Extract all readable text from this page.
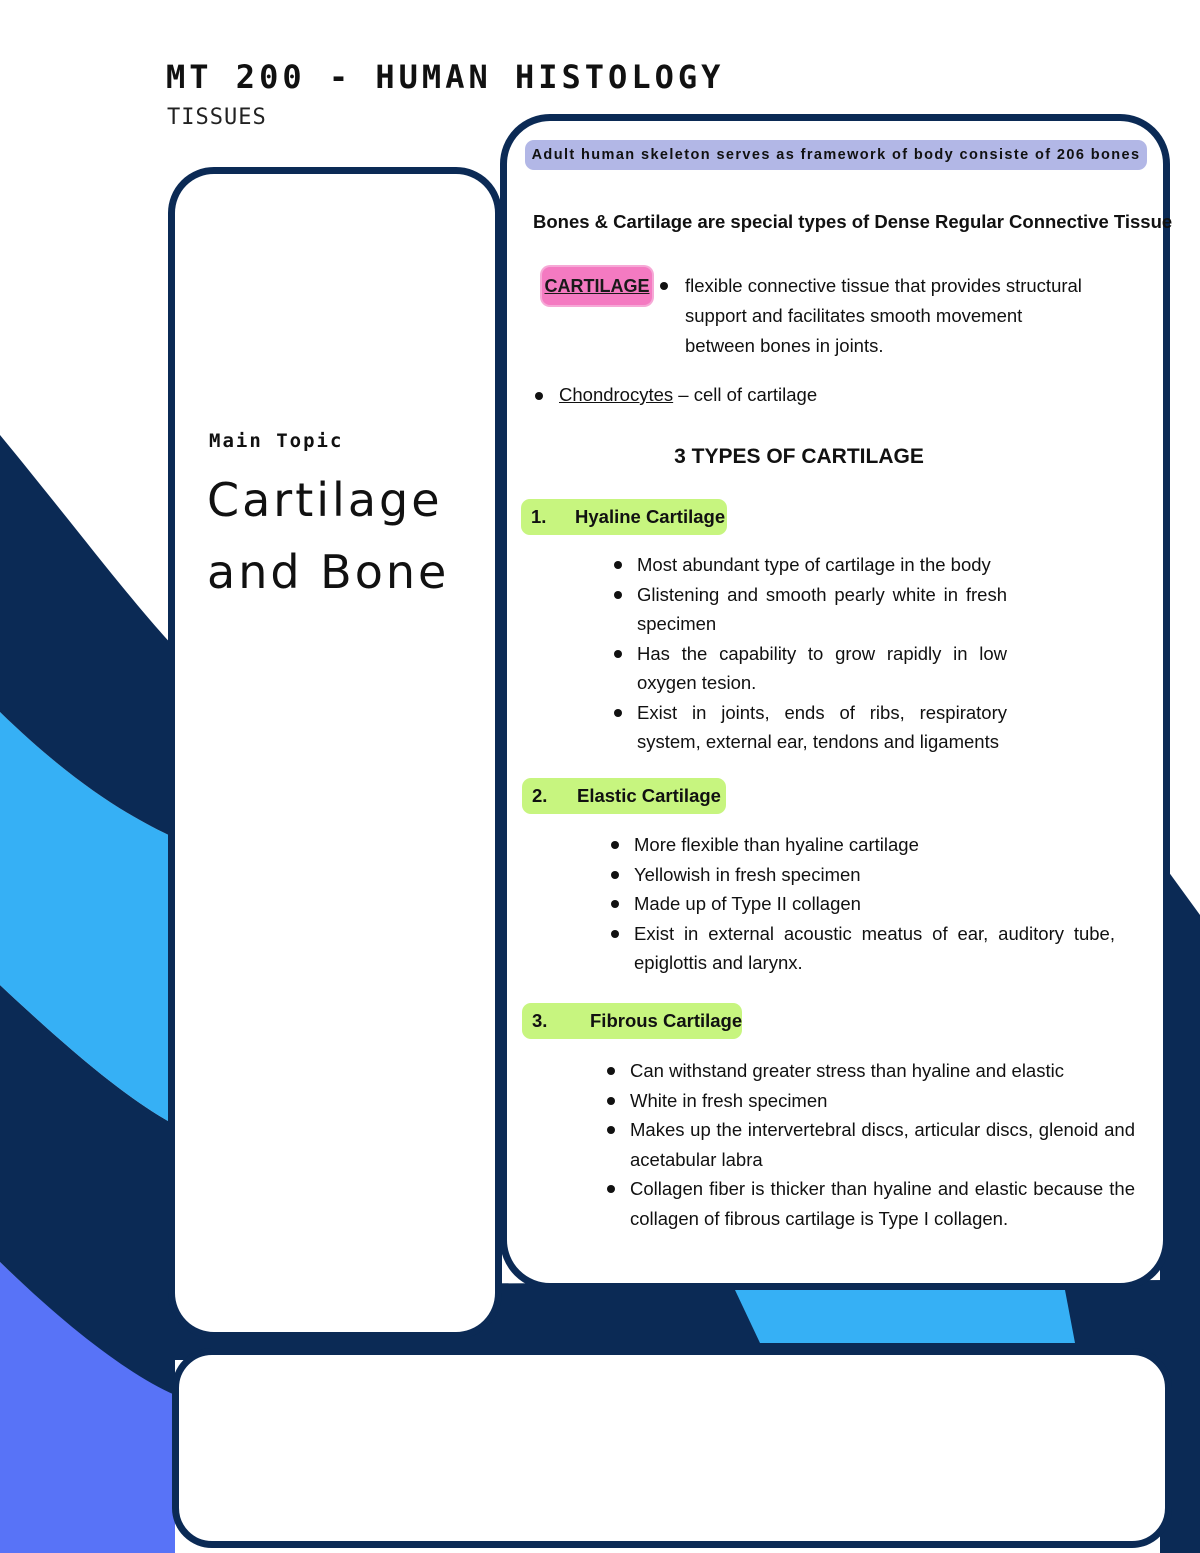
MT 200 - HUMAN HISTOLOGY
TISSUES
Main Topic
Cartilage
and Bone
Adult human skeleton serves as framework of body consiste of 206 bones
Bones & Cartilage are special types of Dense Regular Connective Tissue
CARTILAGE flexible connective tissue that provides structural support and facilitates smooth movement between bones in joints.
Chondrocytes – cell of cartilage
3 TYPES OF CARTILAGE
1. Hyaline Cartilage
Most abundant type of cartilage in the body
Glistening and smooth pearly white in fresh specimen
Has the capability to grow rapidly in low oxygen tesion.
Exist in joints, ends of ribs, respiratory system, external ear, tendons and ligaments
2. Elastic Cartilage
More flexible than hyaline cartilage
Yellowish in fresh specimen
Made up of Type II collagen
Exist in external acoustic meatus of ear, auditory tube, epiglottis and larynx.
3. Fibrous Cartilage
Can withstand greater stress than hyaline and elastic
White in fresh specimen
Makes up the intervertebral discs, articular discs, glenoid and acetabular labra
Collagen fiber is thicker than hyaline and elastic because the collagen of fibrous cartilage is Type I collagen.
